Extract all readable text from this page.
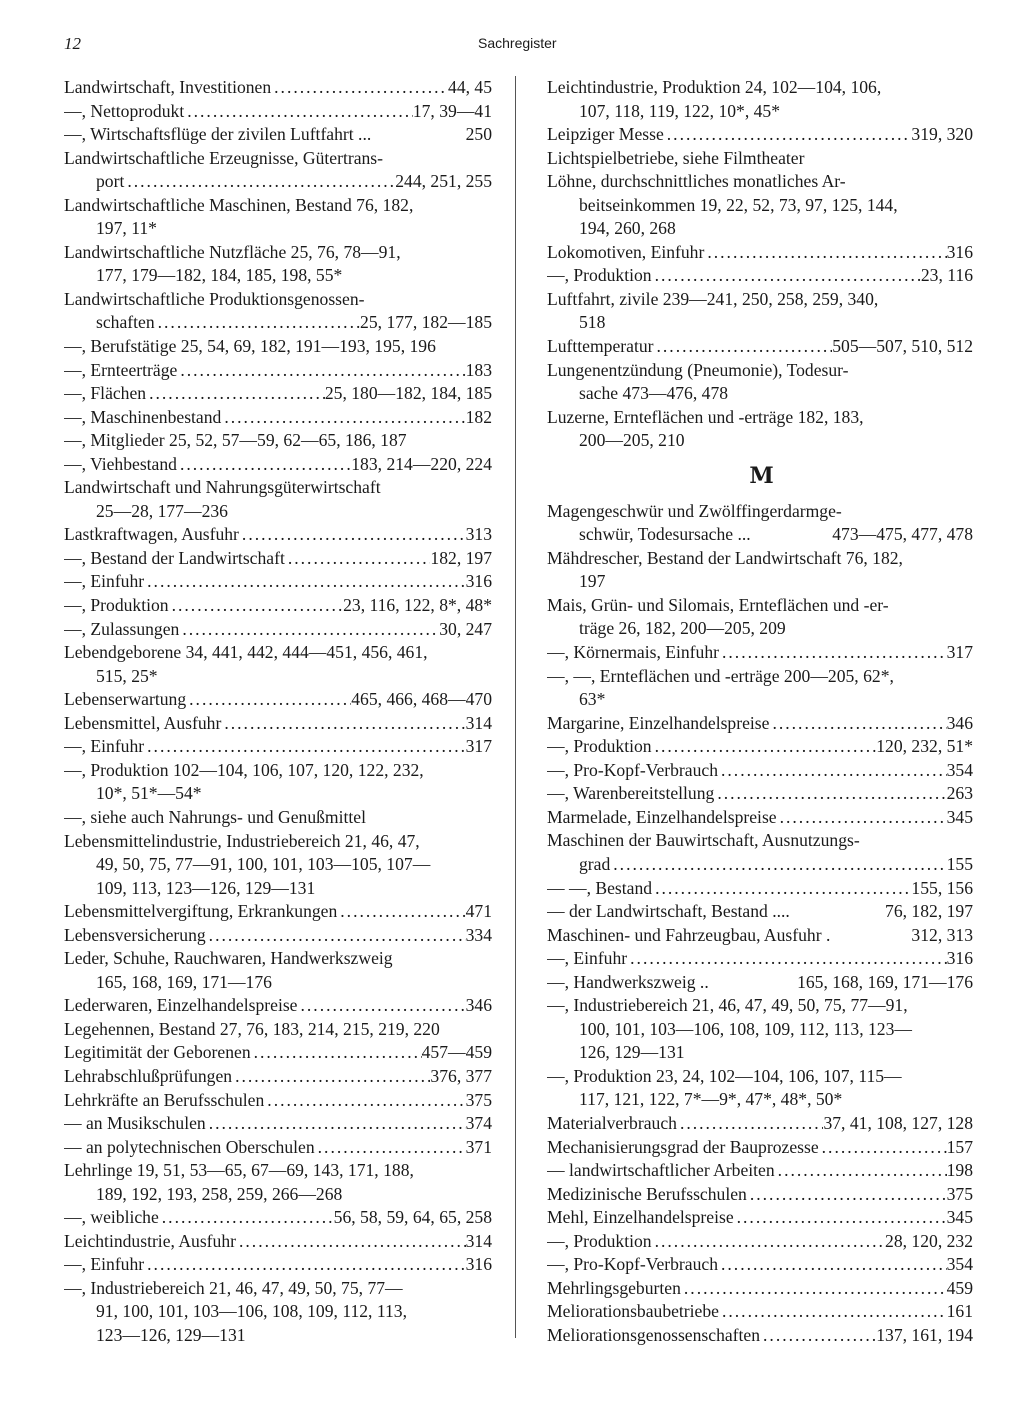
12	Sachregister
Landwirtschaft, Investitionen .....	44, 45
—, Nettoprodukt .....	17, 39—41
—, Wirtschaftsflüge der zivilen Luftfahrt ...	250
Landwirtschaftliche Erzeugnisse, Gütertrans-
port .....	244, 251, 255
Landwirtschaftliche Maschinen, Bestand 76, 182,
197, 11*
Landwirtschaftliche Nutzfläche 25, 76, 78—91,
177, 179—182, 184, 185, 198, 55*
Landwirtschaftliche Produktionsgenossen-
schaften .....	25, 177, 182—185
—, Berufstätige 25, 54, 69, 182, 191—193, 195, 196
—, Ernteerträge .....	183
—, Flächen .....	25, 180—182, 184, 185
—, Maschinenbestand .....	182
—, Mitglieder 25, 52, 57—59, 62—65, 186, 187
—, Viehbestand .....	183, 214—220, 224
Landwirtschaft und Nahrungsgüterwirtschaft
25—28, 177—236
Lastkraftwagen, Ausfuhr .....	313
—, Bestand der Landwirtschaft .....	182, 197
—, Einfuhr .....	316
—, Produktion .....	23, 116, 122, 8*, 48*
—, Zulassungen .....	30, 247
Lebendgeborene 34, 441, 442, 444—451, 456, 461,
515, 25*
Lebenserwartung .....	465, 466, 468—470
Lebensmittel, Ausfuhr .....	314
—, Einfuhr .....	317
—, Produktion 102—104, 106, 107, 120, 122, 232,
10*, 51*—54*
—, siehe auch Nahrungs- und Genußmittel
Lebensmittelindustrie, Industriebereich 21, 46, 47,
49, 50, 75, 77—91, 100, 101, 103—105, 107—
109, 113, 123—126, 129—131
Lebensmittelvergiftung, Erkrankungen .....	471
Lebensversicherung .....	334
Leder, Schuhe, Rauchwaren, Handwerkszweig
165, 168, 169, 171—176
Lederwaren, Einzelhandelspreise .....	346
Legehennen, Bestand 27, 76, 183, 214, 215, 219, 220
Legitimität der Geborenen .....	457—459
Lehrabschlußprüfungen .....	376, 377
Lehrkräfte an Berufsschulen .....	375
— an Musikschulen .....	374
— an polytechnischen Oberschulen .....	371
Lehrlinge 19, 51, 53—65, 67—69, 143, 171, 188,
189, 192, 193, 258, 259, 266—268
—, weibliche .....	56, 58, 59, 64, 65, 258
Leichtindustrie, Ausfuhr .....	314
—, Einfuhr .....	316
—, Industriebereich 21, 46, 47, 49, 50, 75, 77—
91, 100, 101, 103—106, 108, 109, 112, 113,
123—126, 129—131
Leichtindustrie, Produktion 24, 102—104, 106,
107, 118, 119, 122, 10*, 45*
Leipziger Messe .....	319, 320
Lichtspielbetriebe, siehe Filmtheater
Löhne, durchschnittliches monatliches Ar-
beitseinkommen 19, 22, 52, 73, 97, 125, 144,
194, 260, 268
Lokomotiven, Einfuhr .....	316
—, Produktion .....	23, 116
Luftfahrt, zivile 239—241, 250, 258, 259, 340,
518
Lufttemperatur .....	505—507, 510, 512
Lungenentzündung (Pneumonie), Todesur-
sache 473—476, 478
Luzerne, Ernteflächen und -erträge 182, 183,
200—205, 210
M
Magengeschwür und Zwölffingerdarmge-
schwür, Todesursache ...	473—475, 477, 478
Mähdrescher, Bestand der Landwirtschaft 76, 182,
197
Mais, Grün- und Silomais, Ernteflächen und -er-
träge 26, 182, 200—205, 209
—, Körnermais, Einfuhr .....	317
—, —, Ernteflächen und -erträge 200—205, 62*,
63*
Margarine, Einzelhandelspreise .....	346
—, Produktion .....	120, 232, 51*
—, Pro-Kopf-Verbrauch .....	354
—, Warenbereitstellung .....	263
Marmelade, Einzelhandelspreise .....	345
Maschinen der Bauwirtschaft, Ausnutzungs-
grad .....	155
— —, Bestand .....	155, 156
— der Landwirtschaft, Bestand ....	76, 182, 197
Maschinen- und Fahrzeugbau, Ausfuhr .	312, 313
—, Einfuhr .....	316
—, Handwerkszweig ..	165, 168, 169, 171—176
—, Industriebereich 21, 46, 47, 49, 50, 75, 77—91,
100, 101, 103—106, 108, 109, 112, 113, 123—
126, 129—131
—, Produktion 23, 24, 102—104, 106, 107, 115—
117, 121, 122, 7*—9*, 47*, 48*, 50*
Materialverbrauch .....	37, 41, 108, 127, 128
Mechanisierungsgrad der Bauprozesse .....	157
— landwirtschaftlicher Arbeiten .....	198
Medizinische Berufsschulen .....	375
Mehl, Einzelhandelspreise .....	345
—, Produktion .....	28, 120, 232
—, Pro-Kopf-Verbrauch .....	354
Mehrlingsgeburten .....	459
Meliorationsbaubetriebe .....	161
Meliorationsgenossenschaften .....	137, 161, 194
